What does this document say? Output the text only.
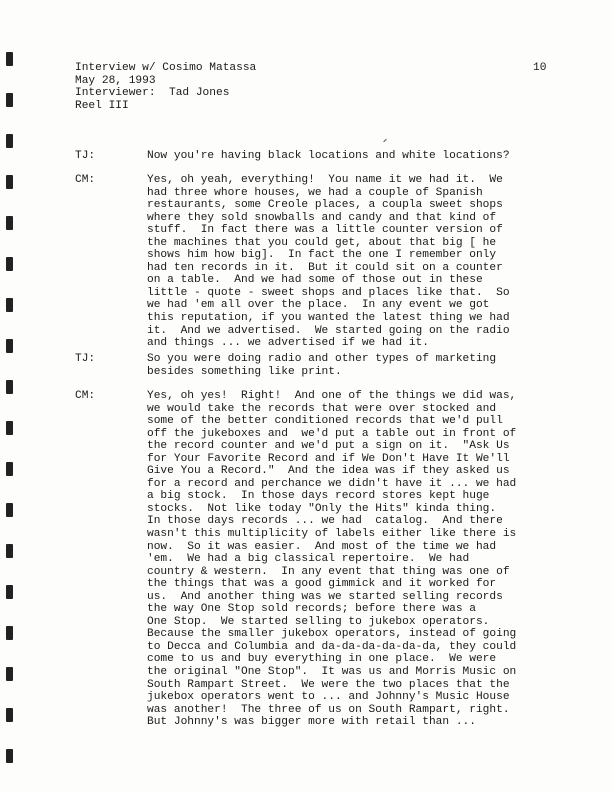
Interview w/ Cosimo Matassa
May 28, 1993
Interviewer:  Tad Jones
Reel III
10
TJ:	Now you're having black locations and white locations?
CM:	Yes, oh yeah, everything!  You name it we had it.  We
had three whore houses, we had a couple of Spanish
restaurants, some Creole places, a coupla sweet shops
where they sold snowballs and candy and that kind of
stuff.  In fact there was a little counter version of
the machines that you could get, about that big [ he
shows him how big].  In fact the one I remember only
had ten records in it.  But it could sit on a counter
on a table.  And we had some of those out in these
little - quote - sweet shops and places like that.  So
we had 'em all over the place.  In any event we got
this reputation, if you wanted the latest thing we had
it.  And we advertised.  We started going on the radio
and things ... we advertised if we had it.
TJ:	So you were doing radio and other types of marketing
besides something like print.
CM:	Yes, oh yes!  Right!  And one of the things we did was,
we would take the records that were over stocked and
some of the better conditioned records that we'd pull
off the jukeboxes and  we'd put a table out in front of
the record counter and we'd put a sign on it.  "Ask Us
for Your Favorite Record and if We Don't Have It We'll
Give You a Record."  And the idea was if they asked us
for a record and perchance we didn't have it ... we had
a big stock.  In those days record stores kept huge
stocks.  Not like today "Only the Hits" kinda thing.
In those days records ... we had  catalog.  And there
wasn't this multiplicity of labels either like there is
now.  So it was easier.  And most of the time we had
'em.  We had a big classical repertoire.  We had
country & western.  In any event that thing was one of
the things that was a good gimmick and it worked for
us.  And another thing was we started selling records
the way One Stop sold records; before there was a
One Stop.  We started selling to jukebox operators.
Because the smaller jukebox operators, instead of going
to Decca and Columbia and da-da-da-da-da-da, they could
come to us and buy everything in one place.  We were
the original "One Stop".  It was us and Morris Music on
South Rampart Street.  We were the two places that the
jukebox operators went to ... and Johnny's Music House
was another!  The three of us on South Rampart, right.
But Johnny's was bigger more with retail than ...
